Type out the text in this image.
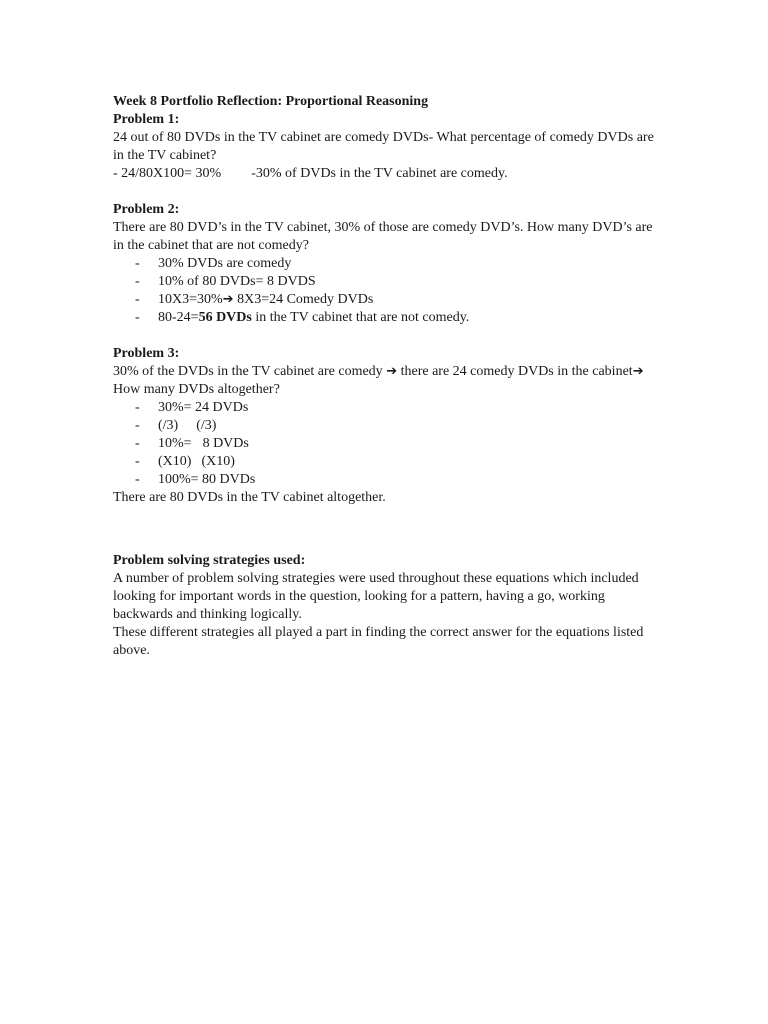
Week 8 Portfolio Reflection: Proportional Reasoning

Problem 1:

24 out of 80 DVDs in the TV cabinet are comedy DVDs- What percentage of comedy DVDs are in the TV cabinet?

- 24/80X100= 30% -30% of DVDs in the TV cabinet are comedy.

Problem 2:

There are 80 DVD’s in the TV cabinet, 30% of those are comedy DVD’s. How many DVD’s are in the cabinet that are not comedy?

- 30% DVDs are comedy
- 10% of 80 DVDs= 8 DVDS
- 10X3=30%➔ 8X3=24 Comedy DVDs
- 80-24=56 DVDs in the TV cabinet that are not comedy.

Problem 3:

30% of the DVDs in the TV cabinet are comedy ➔ there are 24 comedy DVDs in the cabinet➔ How many DVDs altogether?

- 30%= 24 DVDs
- (/3) (/3)
- 10%= 8 DVDs
- (X10) (X10)
- 100%= 80 DVDs

There are 80 DVDs in the TV cabinet altogether.

Problem solving strategies used:

A number of problem solving strategies were used throughout these equations which included looking for important words in the question, looking for a pattern, having a go, working backwards and thinking logically.

These different strategies all played a part in finding the correct answer for the equations listed above.
